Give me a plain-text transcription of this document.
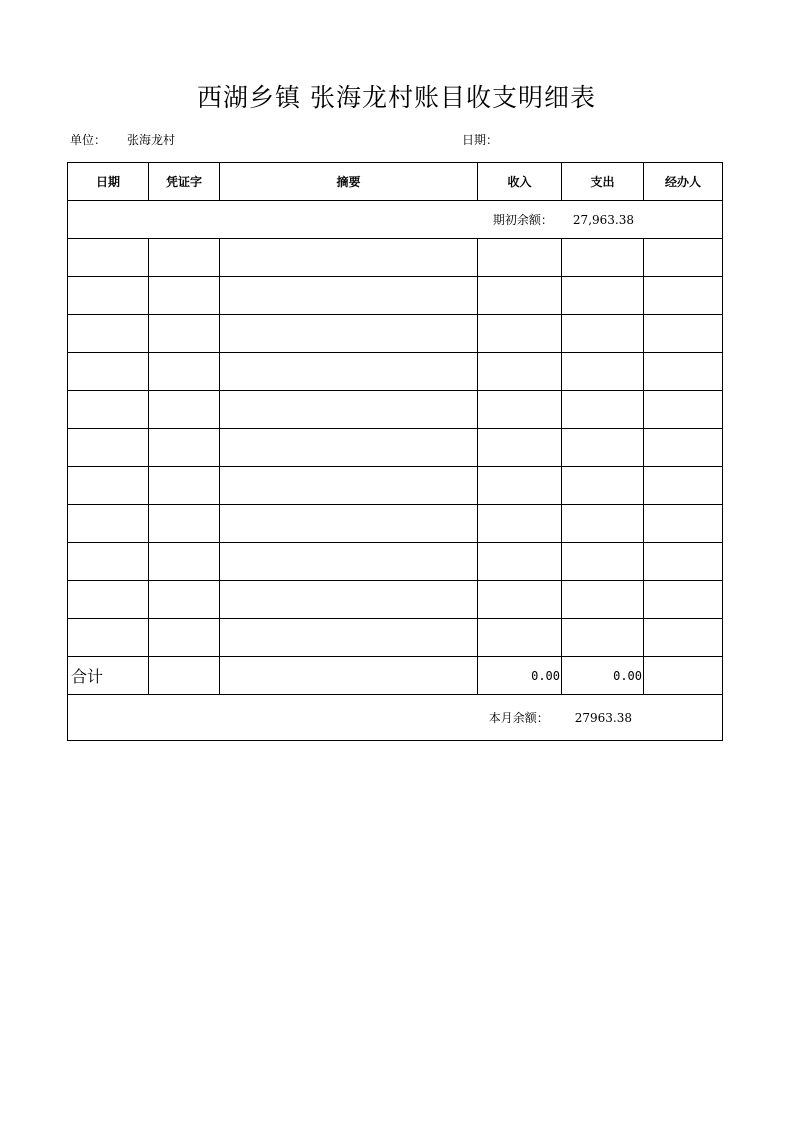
西湖乡镇 张海龙村账目收支明细表
单位： 张海龙村	日期：
日期	凭证字	摘要	收入	支出	经办人
期初余额： 27,963.38					

合计			0.00	0.00	
本月余额： 27963.38					
